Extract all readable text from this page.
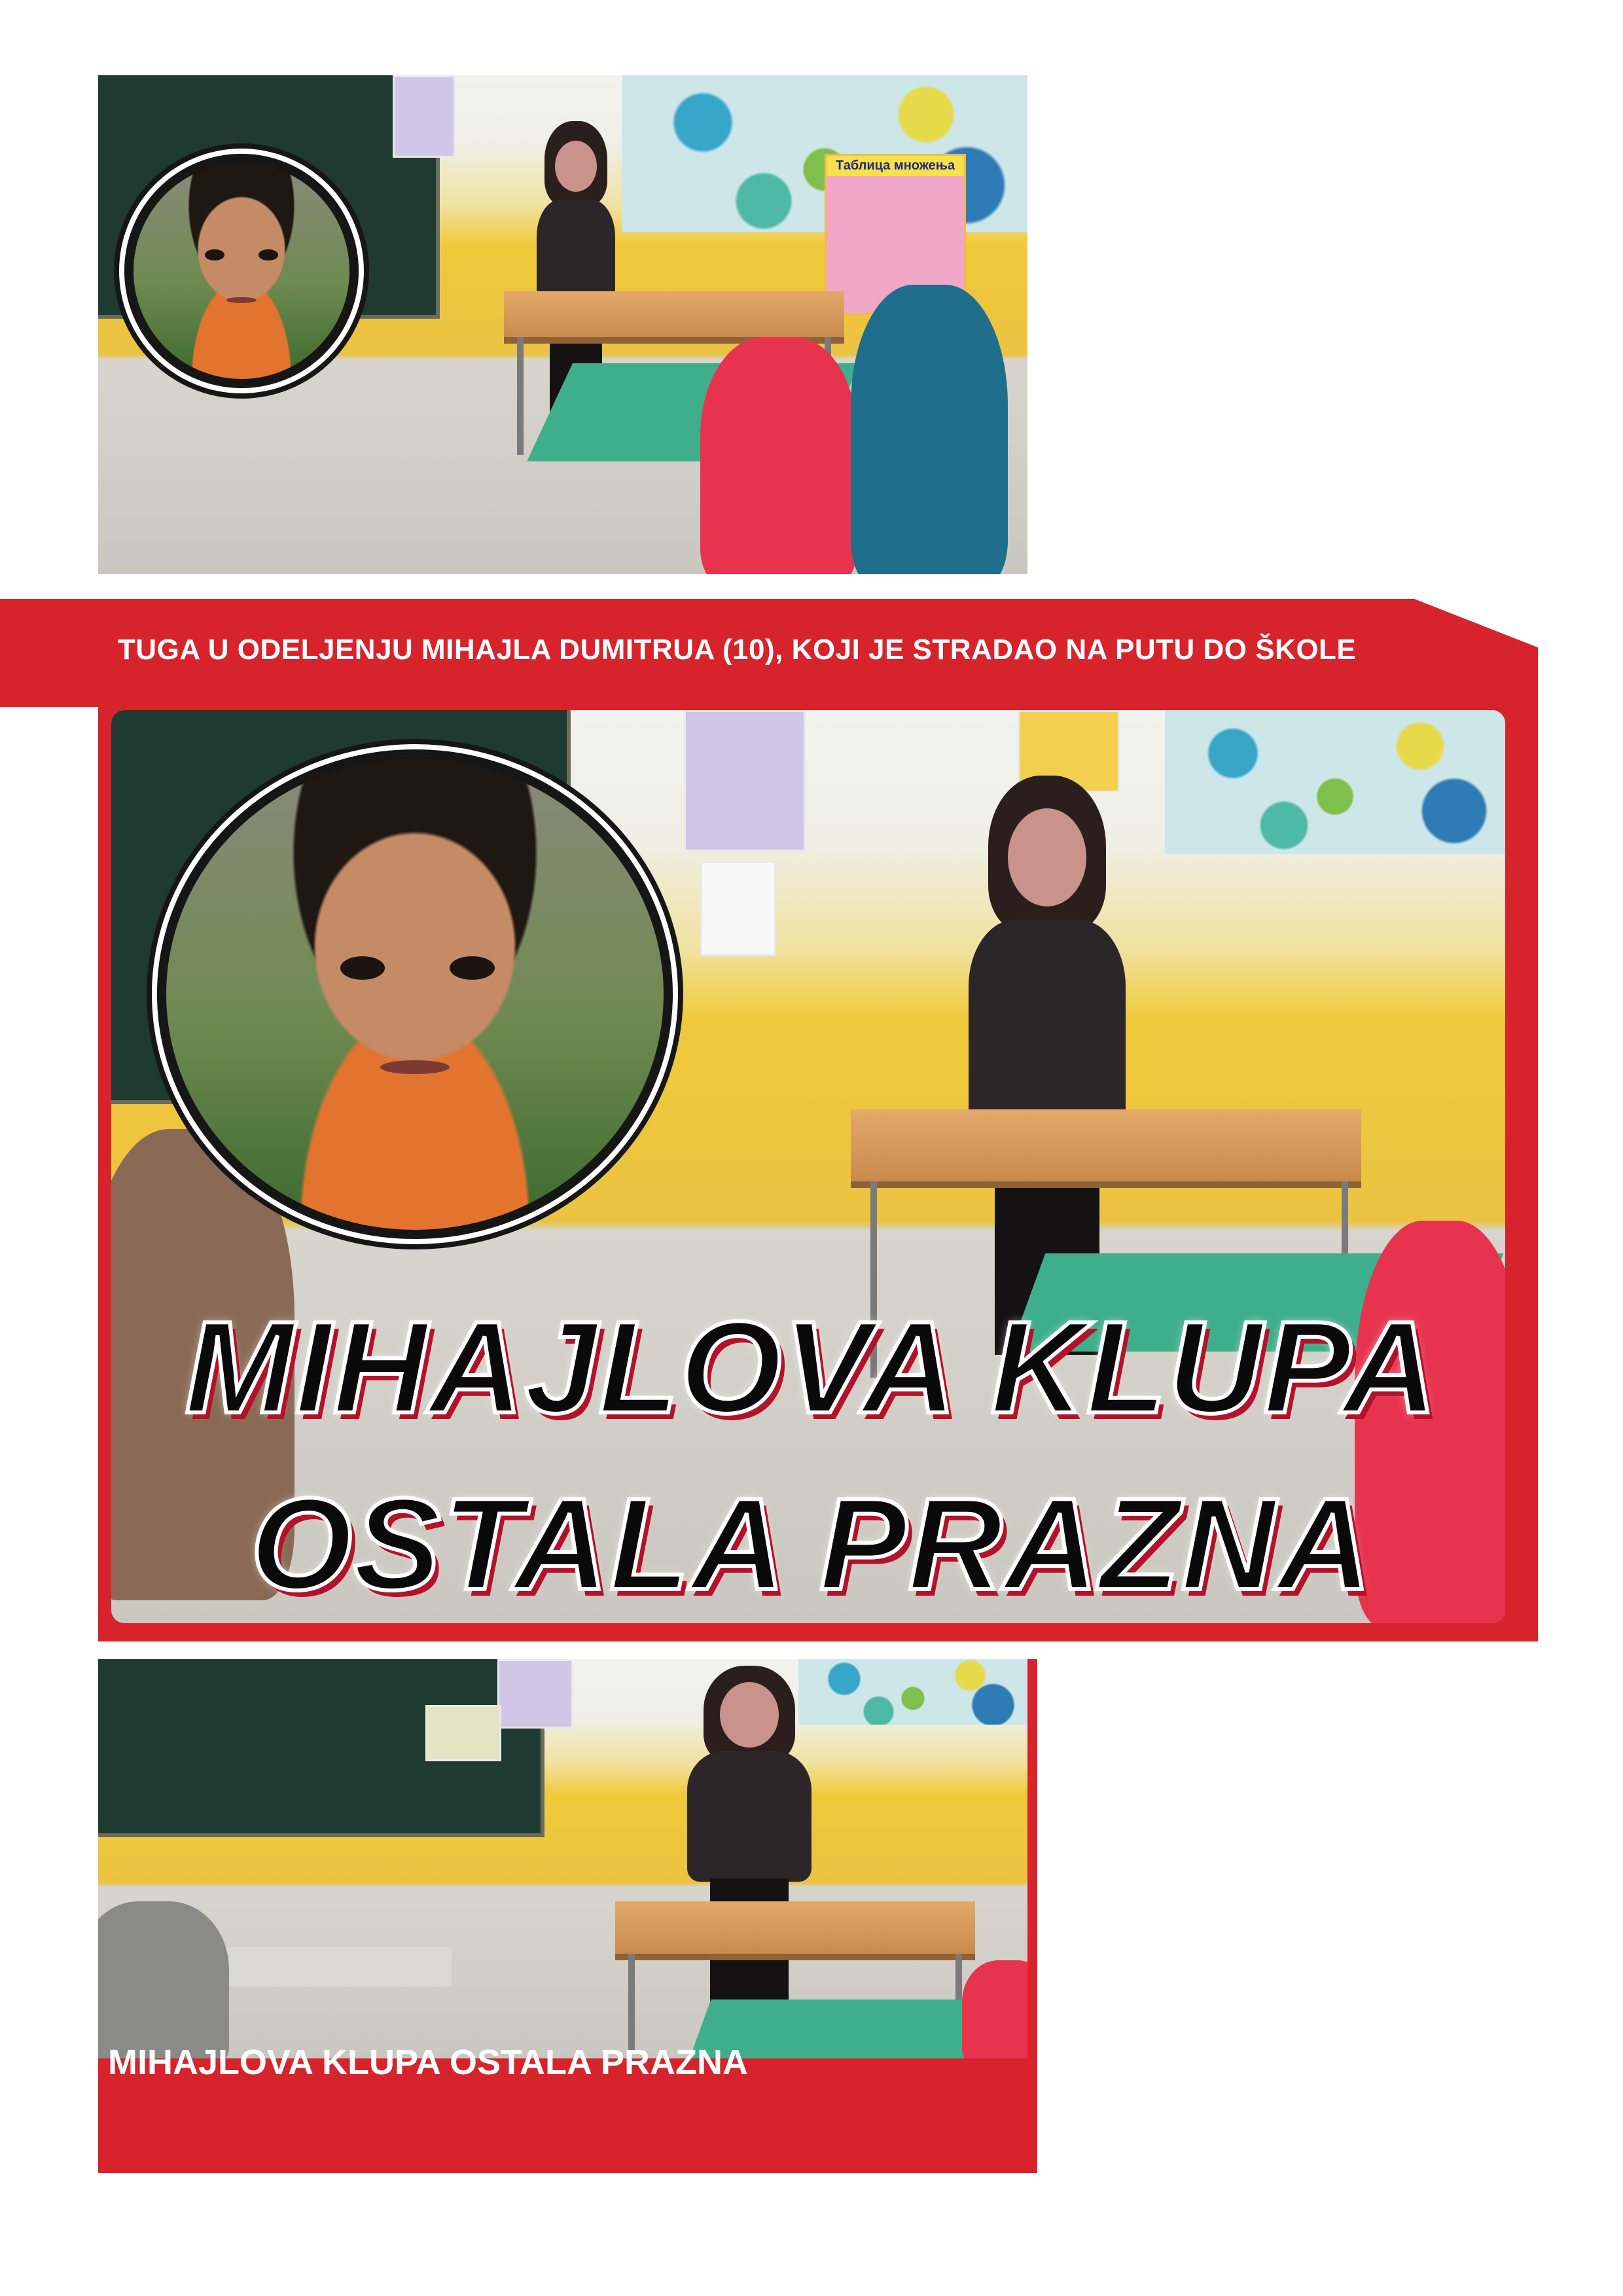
Таблица множења
TUGA U ODELJENJU MIHAJLA DUMITRUA (10), KOJI JE STRADAO NA PUTU DO ŠKOLE
MIHAJLOVA KLUPA
OSTALA PRAZNA
MIHAJLOVA KLUPA OSTALA PRAZNA
